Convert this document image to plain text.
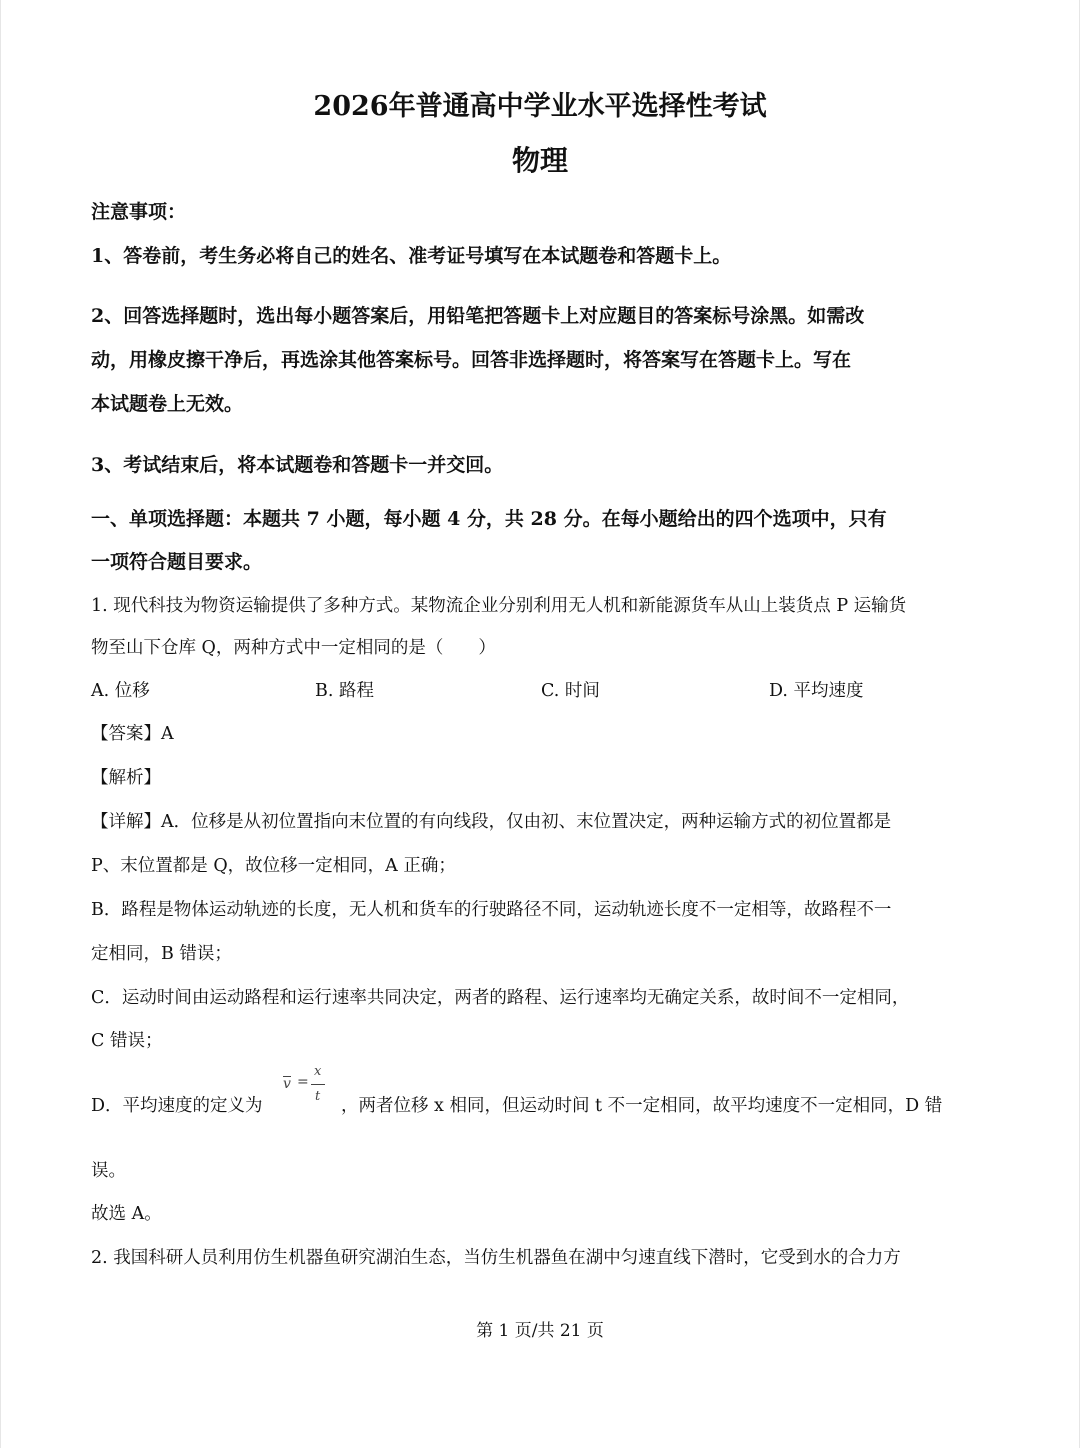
2026年普通高中学业水平选择性考试
物理
注意事项：
1、答卷前，考生务必将自己的姓名、准考证号填写在本试题卷和答题卡上。
2、回答选择题时，选出每小题答案后，用铅笔把答题卡上对应题目的答案标号涂黑。如需改
动，用橡皮擦干净后，再选涂其他答案标号。回答非选择题时，将答案写在答题卡上。写在
本试题卷上无效。
3、考试结束后，将本试题卷和答题卡一并交回。
一、单项选择题：本题共 7 小题，每小题 4 分，共 28 分。在每小题给出的四个选项中，只有
一项符合题目要求。
1. 现代科技为物资运输提供了多种方式。某物流企业分别利用无人机和新能源货车从山上装货点 P 运输货
物至山下仓库 Q，两种方式中一定相同的是（　　）
A. 位移	B. 路程	C. 时间	D. 平均速度
【答案】A
【解析】
【详解】A．位移是从初位置指向末位置的有向线段，仅由初、末位置决定，两种运输方式的初位置都是
P、末位置都是 Q，故位移一定相同，A 正确；
B．路程是物体运动轨迹的长度，无人机和货车的行驶路径不同，运动轨迹长度不一定相等，故路程不一
定相同，B 错误；
C．运动时间由运动路程和运行速率共同决定，两者的路程、运行速率均无确定关系，故时间不一定相同，
C 错误；
D．平均速度的定义为
v =
x
t ，两者位移 x 相同，但运动时间 t 不一定相同，故平均速度不一定相同，D 错
误。
故选 A。
2. 我国科研人员利用仿生机器鱼研究湖泊生态，当仿生机器鱼在湖中匀速直线下潜时，它受到水的合力方
第 1 页/共 21 页
